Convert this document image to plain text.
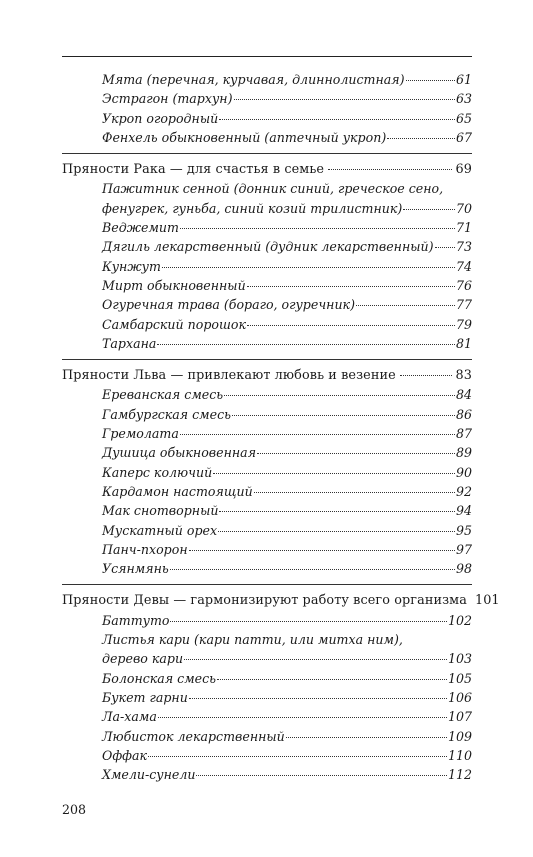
Мята (перечная, курчавая, длиннолистная)	61
Эстрагон (тархун)	63
Укроп огородный	65
Фенхель обыкновенный (аптечный укроп)	67
Пряности Рака — для счастья в семье	69
Пажитник сенной (донник синий, греческое сено,
фенугрек, гуньба, синий козий трилистник)	70
Веджемит	71
Дягиль лекарственный (дудник лекарственный) 73
Кунжут	74
Мирт обыкновенный	76
Огуречная трава (бораго, огуречник)	77
Самбарский порошок	79
Тархана	81
Пряности Льва — привлекают любовь и везение	83
Ереванская смесь	84
Гамбургская смесь	86
Гремолата	87
Душица обыкновенная	89
Каперс колючий	90
Кардамон настоящий	92
Мак снотворный	94
Мускатный орех	95
Панч-пхорон	97
Усянмянь	98
Пряности Девы — гармонизируют работу всего организма 101
Баттуто	102
Листья кари (кари патти, или митха ним),
дерево кари	103
Болонская смесь	105
Букет гарни	106
Ла-хама	107
Любисток лекарственный	109
Оффак	110
Хмели-сунели	112
208
